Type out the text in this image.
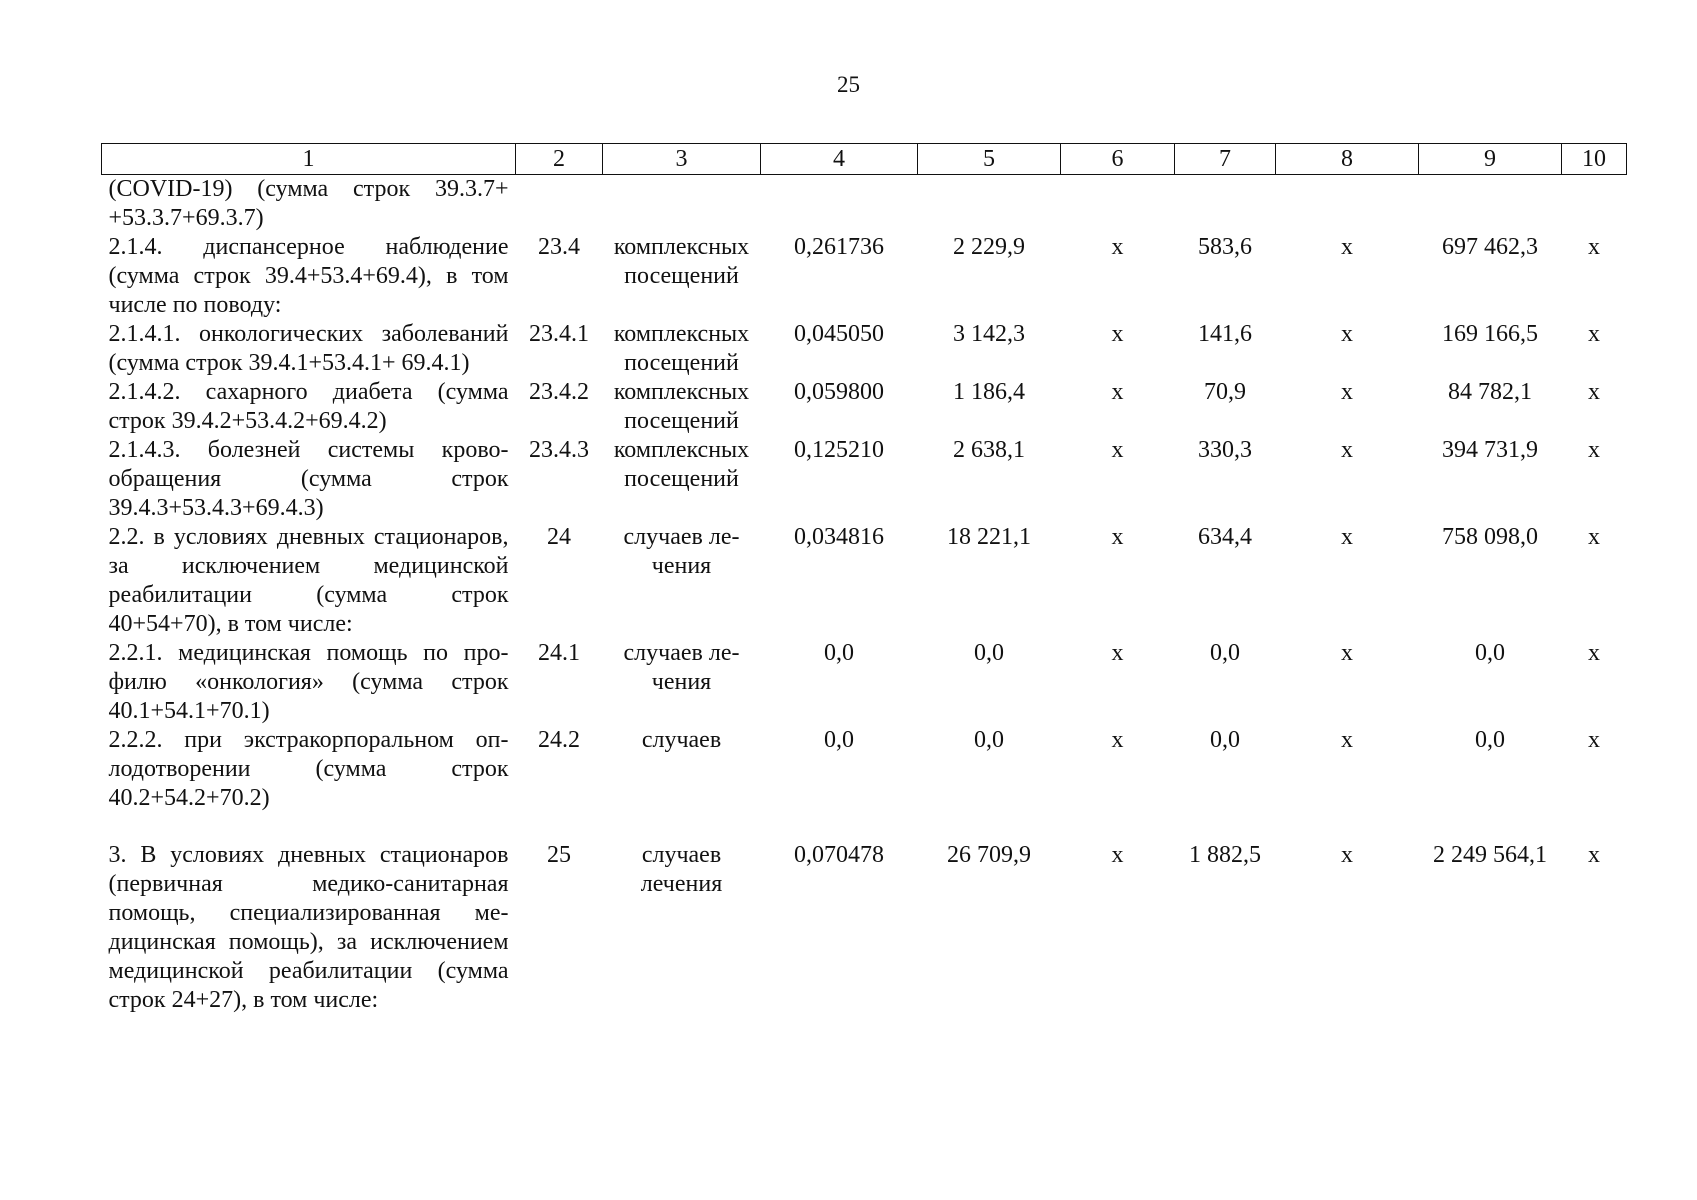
25
1	2	3	4	5	6	7	8	9	10
(COVID-19) (сумма строк 39.3.7+ +53.3.7+69.3.7)									
2.1.4. диспансерное наблюдение (сумма строк 39.4+53.4+69.4), в том числе по поводу:	23.4	комплексных посещений	0,261736	2 229,9	х	583,6	х	697 462,3	х
2.1.4.1. онкологических заболеваний (сумма строк 39.4.1+53.4.1+ 69.4.1)	23.4.1	комплексных посещений	0,045050	3 142,3	х	141,6	х	169 166,5	х
2.1.4.2. сахарного диабета (сумма строк 39.4.2+53.4.2+69.4.2)	23.4.2	комплексных посещений	0,059800	1 186,4	х	70,9	х	84 782,1	х
2.1.4.3. болезней системы кровообращения (сумма строк 39.4.3+53.4.3+69.4.3)	23.4.3	комплексных посещений	0,125210	2 638,1	х	330,3	х	394 731,9	х
2.2. в условиях дневных стационаров, за исключением медицинской реабилитации (сумма строк 40+54+70), в том числе:	24	случаев лечения	0,034816	18 221,1	х	634,4	х	758 098,0	х
2.2.1. медицинская помощь по профилю «онкология» (сумма строк 40.1+54.1+70.1)	24.1	случаев лечения	0,0	0,0	х	0,0	х	0,0	х
2.2.2. при экстракорпоральном оплодотворении (сумма строк 40.2+54.2+70.2)	24.2	случаев	0,0	0,0	х	0,0	х	0,0	х
3. В условиях дневных стационаров (первичная медико-санитарная помощь, специализированная медицинская помощь), за исключением медицинской реабилитации (сумма строк 24+27), в том числе:	25	случаев лечения	0,070478	26 709,9	х	1 882,5	х	2 249 564,1	х
